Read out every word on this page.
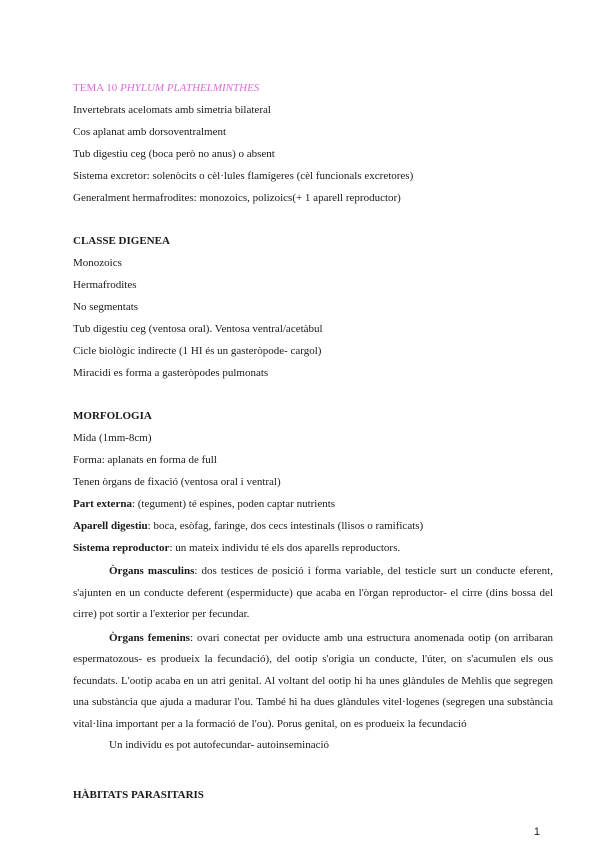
TEMA 10 PHYLUM PLATHELMINTHES
Invertebrats acelomats amb simetria bilateral
Cos aplanat amb dorsoventralment
Tub digestiu ceg (boca però no anus) o absent
Sistema excretor: solenòcits o cèl·lules flamígeres (cèl funcionals excretores)
Generalment hermafrodites: monozoics, polizoics(+ 1 aparell reproductor)
CLASSE DIGENEA
Monozoics
Hermafrodites
No segmentats
Tub digestiu ceg (ventosa oral). Ventosa ventral/acetàbul
Cicle biològic indirecte (1 HI és un gasteròpode- cargol)
Miracidi es forma a gasteròpodes pulmonats
MORFOLOGIA
Mida (1mm-8cm)
Forma: aplanats en forma de full
Tenen òrgans de fixació (ventosa oral i ventral)
Part externa: (tegument) té espines, poden captar nutrients
Aparell digestiu: boca, esòfag, faringe, dos cecs intestinals (llisos o ramificats)
Sistema reproductor: un mateix individu té els dos aparells reproductors.
Òrgans masculins: dos testices de posició i forma variable, del testicle surt un conducte eferent, s'ajunten en un conducte deferent (espermiducte) que acaba en l'òrgan reproductor- el cirre (dins bossa del cirre) pot sortir a l'exterior per fecundar.
Òrgans femenins: ovari conectat per oviducte amb una estructura anomenada ootip (on arribaran espermatozous- es produeix la fecundació), del ootip s'origia un conducte, l'úter, on s'acumulen els ous fecundats. L'ootip acaba en un atri genital. Al voltant del ootip hi ha unes glàndules de Mehlis que segregen una substància que ajuda a madurar l'ou. També hi ha dues glàndules vitel·logenes (segregen una substància vital·lina important per a la formació de l'ou). Porus genital, on es produeix la fecundació
Un individu es pot autofecundar- autoinseminació
HÀBITATS PARASITARIS
1
